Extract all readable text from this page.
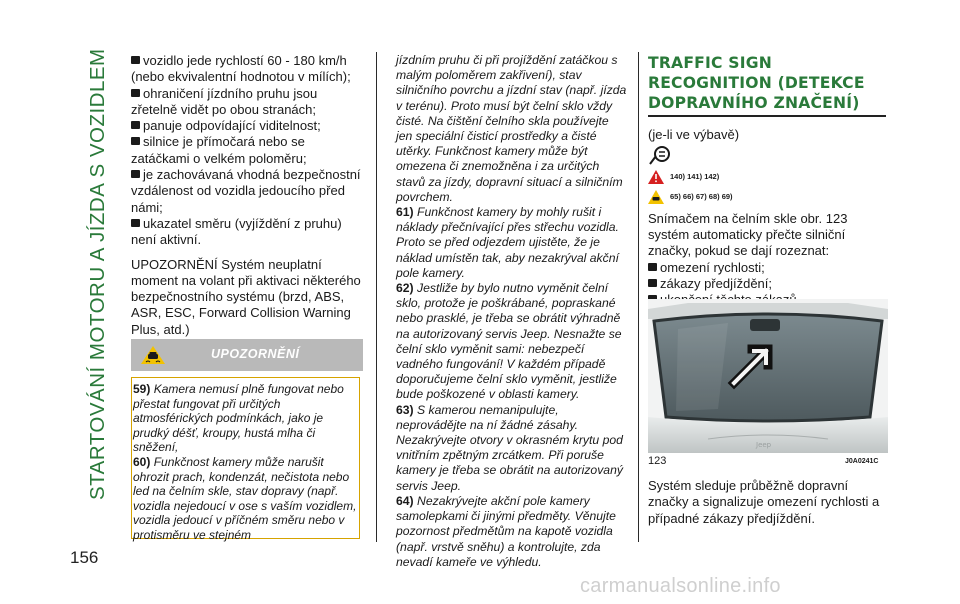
STARTOVÁNÍ MOTORU A JÍZDA S VOZIDLEM
156
vozidlo jede rychlostí 60 - 180 km/h (nebo ekvivalentní hodnotou v mílích);
ohraničení jízdního pruhu jsou zřetelně vidět po obou stranách;
panuje odpovídající viditelnost;
silnice je přímočará nebo se zatáčkami o velkém poloměru;
je zachovávaná vhodná bezpečnostní vzdálenost od vozidla jedoucího před námi;
ukazatel směru (vyjíždění z pruhu) není aktivní.

UPOZORNĚNÍ Systém neuplatní moment na volant při aktivaci některého bezpečnostního systému (brzd, ABS, ASR, ESC, Forward Collision Warning Plus, atd.)

UPOZORNĚNÍ

59) Kamera nemusí plně fungovat nebo přestat fungovat při určitých atmosférických podmínkách, jako je prudký déšť, kroupy, hustá mlha či sněžení,

60) Funkčnost kamery může narušit ohrozit prach, kondenzát, nečistota nebo led na čelním skle, stav dopravy (např. vozidla nejedoucí v ose s vaším vozidlem, vozidla jedoucí v příčném směru nebo v protisměru ve stejném

jízdním pruhu či při projíždění zatáčkou s malým poloměrem zakřivení), stav silničního povrchu a jízdní stav (např. jízda v terénu). Proto musí být čelní sklo vždy čisté. Na čištění čelního skla používejte jen speciální čisticí prostředky a čisté utěrky. Funkčnost kamery může být omezena či znemožněna i za určitých stavů za jízdy, dopravní situací a silničním povrchem.

61) Funkčnost kamery by mohly rušit i náklady přečnívající přes střechu vozidla. Proto se před odjezdem ujistěte, že je náklad umístěn tak, aby nezakrýval akční pole kamery.

62) Jestliže by bylo nutno vyměnit čelní sklo, protože je poškrábané, popraskané nebo prasklé, je třeba se obrátit výhradně na autorizovaný servis Jeep. Nesnažte se čelní sklo vyměnit sami: nebezpečí vadného fungování! V každém případě doporučujeme čelní sklo vyměnit, jestliže bude poškozené v oblasti kamery.

63) S kamerou nemanipulujte, neprovádějte na ní žádné zásahy. Nezakrývejte otvory v okrasném krytu pod vnitřním zpětným zrcátkem. Při poruše kamery je třeba se obrátit na autorizovaný servis Jeep.

64) Nezakrývejte akční pole kamery samolepkami či jinými předměty. Věnujte pozornost předmětům na kapotě vozidla (např. vrstvě sněhu) a kontrolujte, zda nevadí kameře ve výhledu.

TRAFFIC SIGN

RECOGNITION (DETEKCE

DOPRAVNÍHO ZNAČENÍ)

(je-li ve výbavě)

140) 141) 142)
65) 66) 67) 68) 69)

Snímačem na čelním skle obr. 123 systém automaticky přečte silniční značky, pokud se dají rozeznat:

omezení rychlosti;
zákazy předjíždění;
Jeep
123	J0A0241C
Systém sleduje průběžně dopravní značky a signalizuje omezení rychlosti a případné zákazy předjíždění.
carmanualsonline.info
